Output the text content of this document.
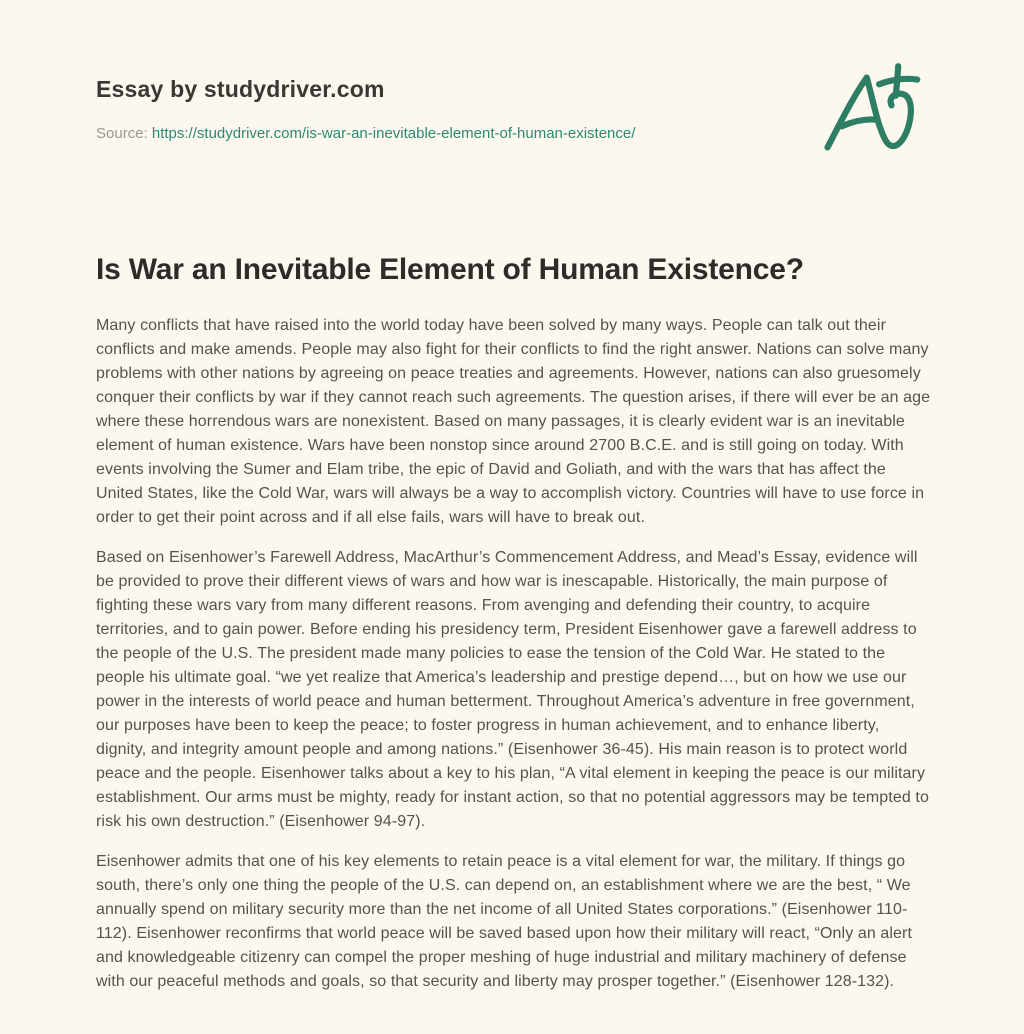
Essay by studydriver.com
Source: https://studydriver.com/is-war-an-inevitable-element-of-human-existence/
Is War an Inevitable Element of Human Existence?

Many conflicts that have raised into the world today have been solved by many ways. People can talk out their conflicts and make amends. People may also fight for their conflicts to find the right answer. Nations can solve many problems with other nations by agreeing on peace treaties and agreements. However, nations can also gruesomely conquer their conflicts by war if they cannot reach such agreements. The question arises, if there will ever be an age where these horrendous wars are nonexistent. Based on many passages, it is clearly evident war is an inevitable element of human existence. Wars have been nonstop since around 2700 B.C.E. and is still going on today. With events involving the Sumer and Elam tribe, the epic of David and Goliath, and with the wars that has affect the United States, like the Cold War, wars will always be a way to accomplish victory. Countries will have to use force in order to get their point across and if all else fails, wars will have to break out.

Based on Eisenhower’s Farewell Address, MacArthur’s Commencement Address, and Mead’s Essay, evidence will be provided to prove their different views of wars and how war is inescapable. Historically, the main purpose of fighting these wars vary from many different reasons. From avenging and defending their country, to acquire territories, and to gain power. Before ending his presidency term, President Eisenhower gave a farewell address to the people of the U.S. The president made many policies to ease the tension of the Cold War. He stated to the people his ultimate goal. “we yet realize that America’s leadership and prestige depend…, but on how we use our power in the interests of world peace and human betterment. Throughout America’s adventure in free government, our purposes have been to keep the peace; to foster progress in human achievement, and to enhance liberty, dignity, and integrity amount people and among nations.” (Eisenhower 36-45). His main reason is to protect world peace and the people. Eisenhower talks about a key to his plan, “A vital element in keeping the peace is our military establishment. Our arms must be mighty, ready for instant action, so that no potential aggressors may be tempted to risk his own destruction.” (Eisenhower 94-97).

Eisenhower admits that one of his key elements to retain peace is a vital element for war, the military. If things go south, there’s only one thing the people of the U.S. can depend on, an establishment where we are the best, “ We annually spend on military security more than the net income of all United States corporations.” (Eisenhower 110-112). Eisenhower reconfirms that world peace will be saved based upon how their military will react, “Only an alert and knowledgeable citizenry can compel the proper meshing of huge industrial and military machinery of defense with our peaceful methods and goals, so that security and liberty may prosper together.” (Eisenhower 128-132).
